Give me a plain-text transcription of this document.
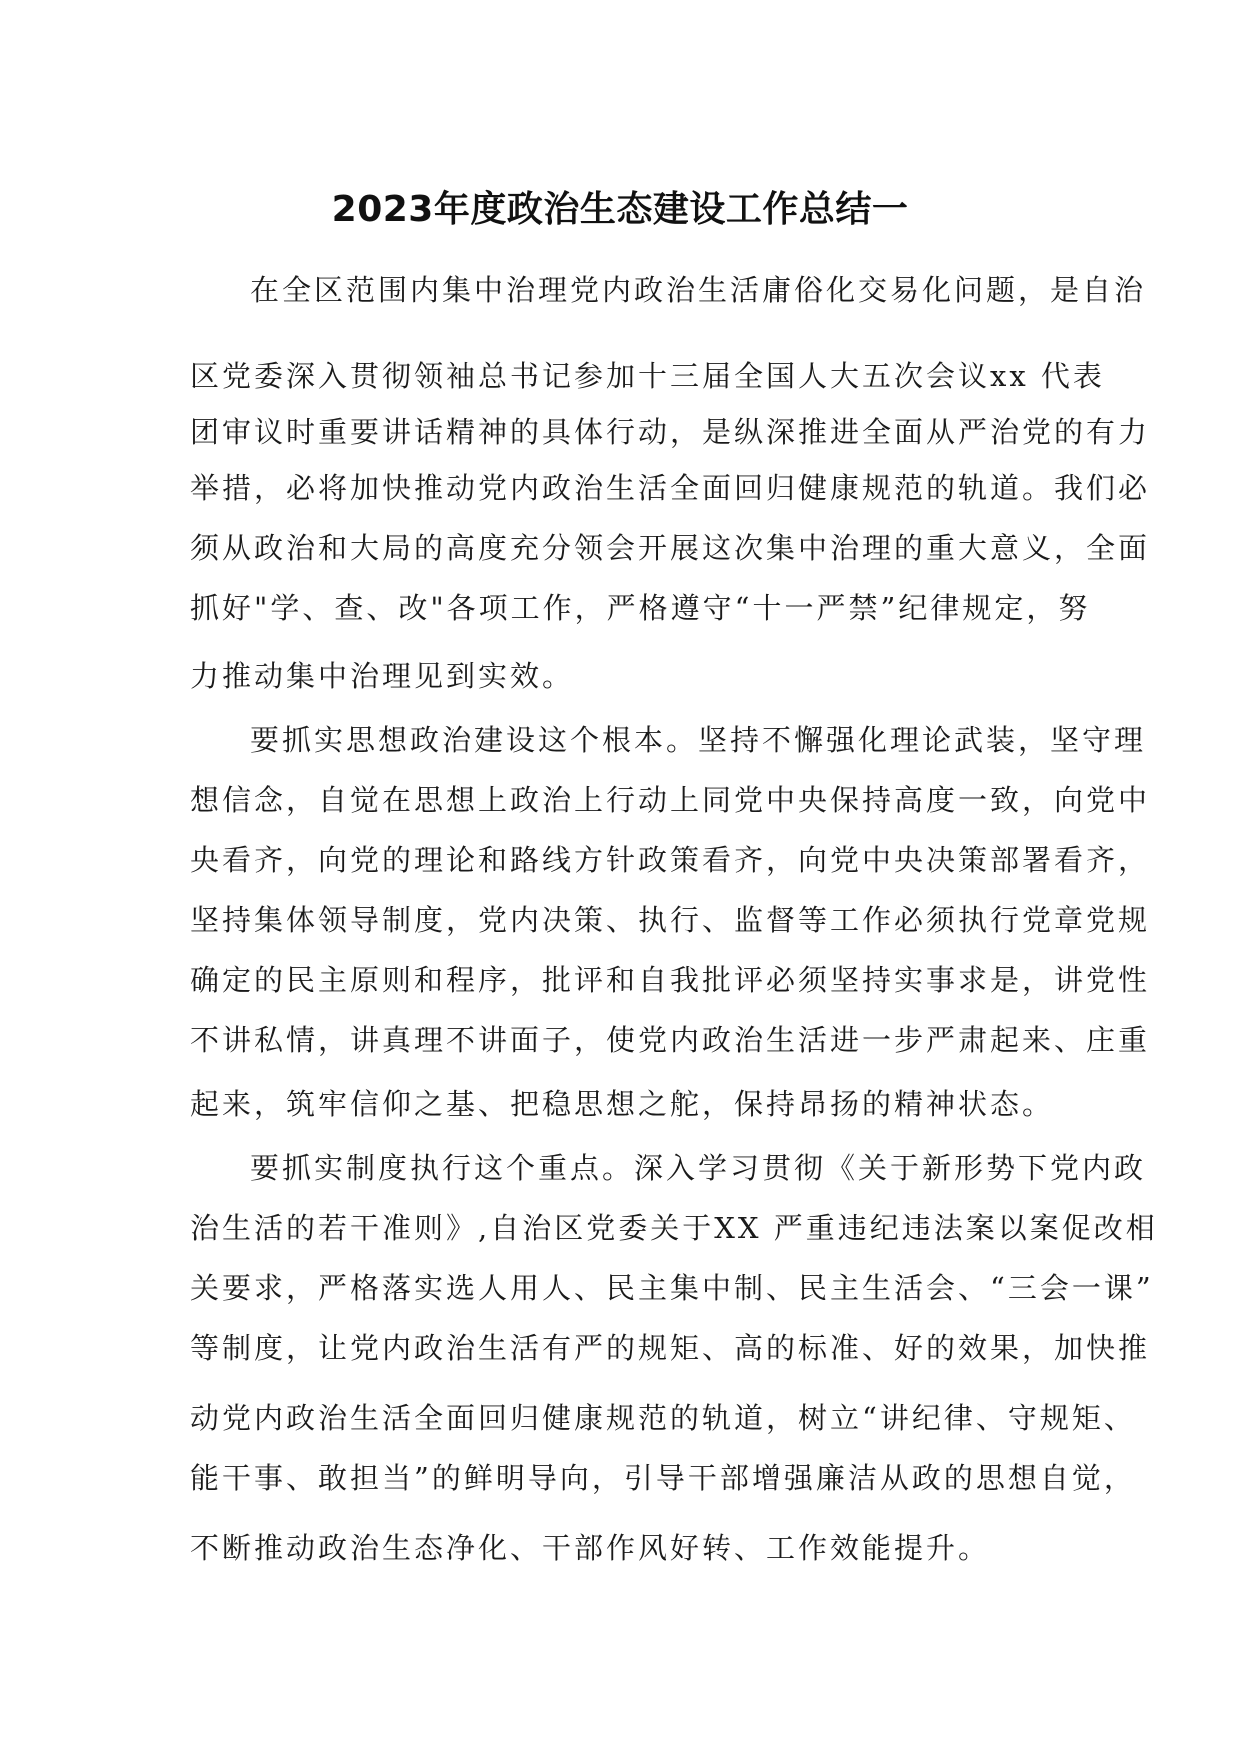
2023年度政治生态建设工作总结一
在全区范围内集中治理党内政治生活庸俗化交易化问题，是自治
区党委深入贯彻领袖总书记参加十三届全国人大五次会议xx 代表
团审议时重要讲话精神的具体行动，是纵深推进全面从严治党的有力
举措，必将加快推动党内政治生活全面回归健康规范的轨道。我们必
须从政治和大局的高度充分领会开展这次集中治理的重大意义，全面
抓好"学、查、改"各项工作，严格遵守“十一严禁”纪律规定，努
力推动集中治理见到实效。
要抓实思想政治建设这个根本。坚持不懈强化理论武装，坚守理
想信念，自觉在思想上政治上行动上同党中央保持高度一致，向党中
央看齐，向党的理论和路线方针政策看齐，向党中央决策部署看齐，
坚持集体领导制度，党内决策、执行、监督等工作必须执行党章党规
确定的民主原则和程序，批评和自我批评必须坚持实事求是，讲党性
不讲私情，讲真理不讲面子，使党内政治生活进一步严肃起来、庄重
起来，筑牢信仰之基、把稳思想之舵，保持昂扬的精神状态。
要抓实制度执行这个重点。深入学习贯彻《关于新形势下党内政
治生活的若干准则》,自治区党委关于XX 严重违纪违法案以案促改相
关要求，严格落实选人用人、民主集中制、民主生活会、“三会一课”
等制度，让党内政治生活有严的规矩、高的标准、好的效果，加快推
动党内政治生活全面回归健康规范的轨道，树立“讲纪律、守规矩、
能干事、敢担当”的鲜明导向，引导干部增强廉洁从政的思想自觉，
不断推动政治生态净化、干部作风好转、工作效能提升。
